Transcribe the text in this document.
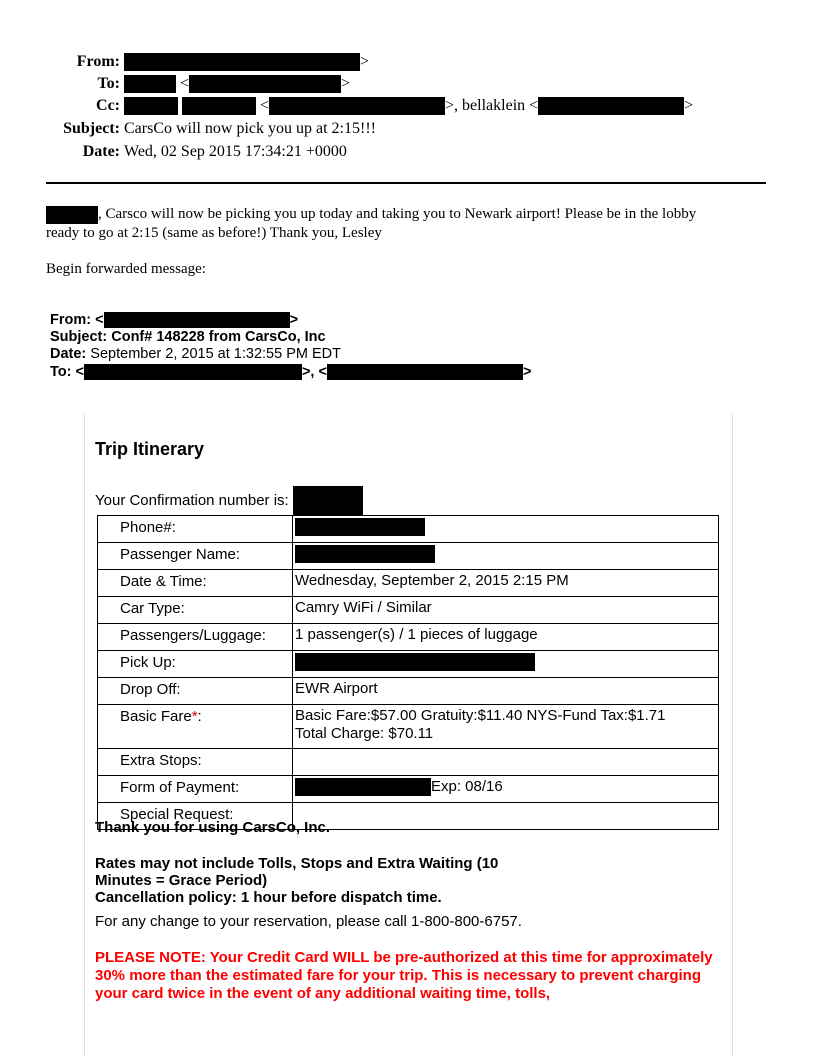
From:	>
To:	<	>
Cc:	<	>, bellaklein <	>
Subject: CarsCo will now pick you up at 2:15!!!
Date: Wed, 02 Sep 2015 17:34:21 +0000
, Carsco will now be picking you up today and taking you to Newark airport! Please be in the lobby
ready to go at 2:15 (same as before!) Thank you, Lesley
Begin forwarded message:
From: <	>
Subject: Conf# 148228 from CarsCo, Inc
Date: September 2, 2015 at 1:32:55 PM EDT
To: <	>, <	>
Trip Itinerary
Your Confirmation number is:
Phone#:	
Passenger Name:	
Date & Time:	Wednesday, September 2, 2015 2:15 PM
Car Type:	Camry WiFi / Similar
Passengers/Luggage:	1 passenger(s) / 1 pieces of luggage
Pick Up:	
Drop Off:	EWR Airport
Basic Fare*:	Basic Fare:$57.00 Gratuity:$11.40 NYS-Fund Tax:$1.71
Total Charge: $70.11

Extra Stops:	
Form of Payment:	Exp: 08/16
Special Request:	
Thank you for using CarsCo, Inc.
Rates may not include Tolls, Stops and Extra Waiting (10
Minutes = Grace Period)
Cancellation policy: 1 hour before dispatch time.
For any change to your reservation, please call 1-800-800-6757.
PLEASE NOTE: Your Credit Card WILL be pre-authorized at this time for approximately 30% more than the estimated fare for your trip. This is necessary to prevent charging your card twice in the event of any additional waiting time, tolls,
